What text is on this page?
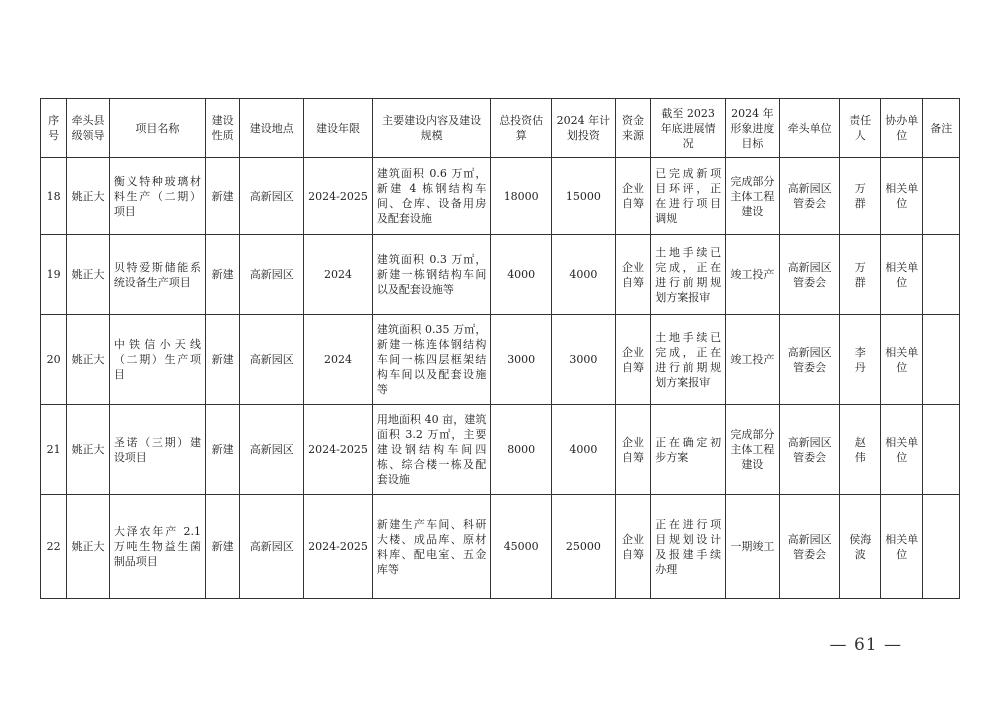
序号	牵头县级领导	项目名称	建设性质	建设地点	建设年限	主要建设内容及建设规模	总投资估算	2024 年计划投资	资金来源	截至 2023 年底进展情况	2024 年形象进度目标	牵头单位	责任人	协办单位	备注
18	姚正大	衡义特种玻璃材料生产（二期）项目	新建	高新园区	2024-2025	建筑面积 0.6 万㎡，新建 4 栋钢结构车间、仓库、设备用房及配套设施	18000	15000	企业自筹	已完成新项目环评，正在进行项目调规	完成部分主体工程建设	高新园区管委会	万　群	相关单位	
19	姚正大	贝特爱斯储能系统设备生产项目	新建	高新园区	2024	建筑面积 0.3 万㎡，新建一栋钢结构车间以及配套设施等	4000	4000	企业自筹	土地手续已完成，正在进行前期规划方案报审	竣工投产	高新园区管委会	万　群	相关单位	
20	姚正大	中铁信小天线（二期）生产项目	新建	高新园区	2024	建筑面积 0.35 万㎡，新建一栋连体钢结构车间一栋四层框架结构车间以及配套设施等	3000	3000	企业自筹	土地手续已完成，正在进行前期规划方案报审	竣工投产	高新园区管委会	李　丹	相关单位	
21	姚正大	圣诺（三期）建设项目	新建	高新园区	2024-2025	用地面积 40 亩，建筑面积 3.2 万㎡，主要建设钢结构车间四栋、综合楼一栋及配套设施	8000	4000	企业自筹	正在确定初步方案	完成部分主体工程建设	高新园区管委会	赵　伟	相关单位	
22	姚正大	大泽农年产 2.1 万吨生物益生菌制品项目	新建	高新园区	2024-2025	新建生产车间、科研大楼、成品库、原材料库、配电室、五金库等	45000	25000	企业自筹	正在进行项目规划设计及报建手续办理	一期竣工	高新园区管委会	侯海波	相关单位	
— 61 —
